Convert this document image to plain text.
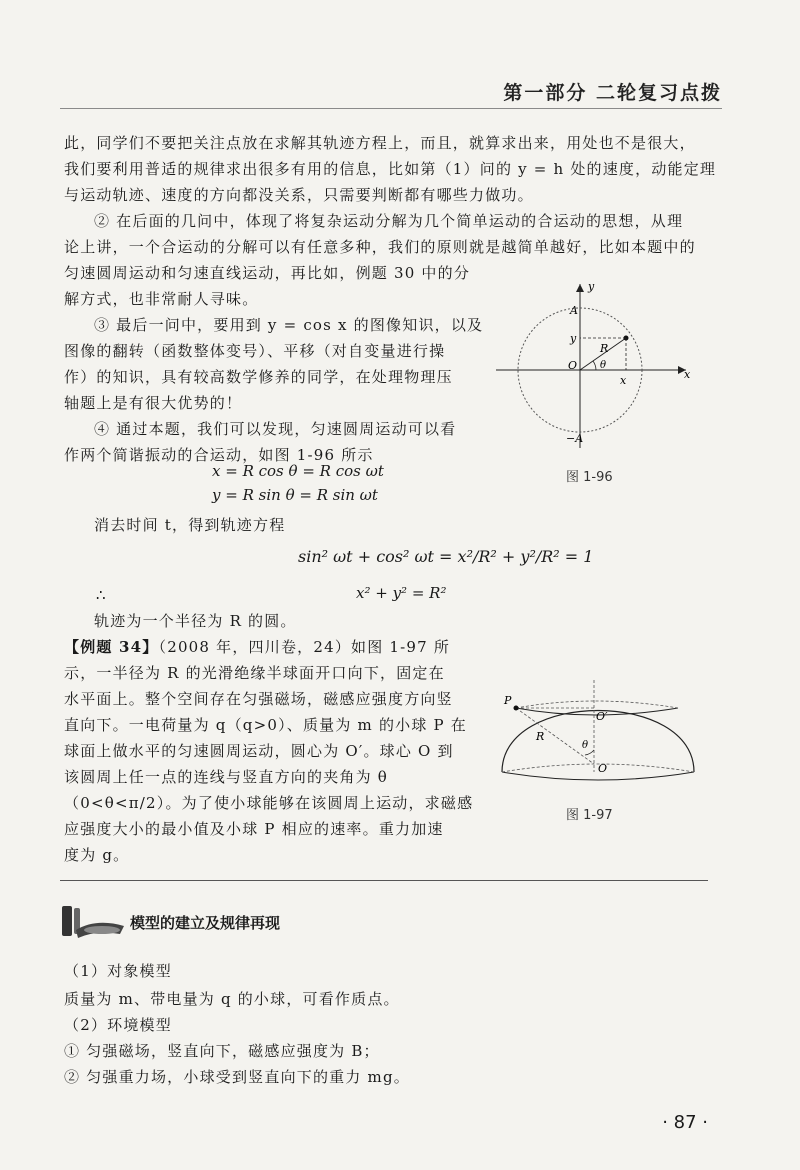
第一部分 二轮复习点拨
此，同学们不要把关注点放在求解其轨迹方程上，而且，就算求出来，用处也不是很大，
我们要利用普适的规律求出很多有用的信息，比如第（1）问的 y = h 处的速度，动能定理
与运动轨迹、速度的方向都没关系，只需要判断都有哪些力做功。
② 在后面的几问中，体现了将复杂运动分解为几个简单运动的合运动的思想，从理
论上讲，一个合运动的分解可以有任意多种，我们的原则就是越简单越好，比如本题中的
匀速圆周运动和匀速直线运动，再比如，例题 30 中的分
解方式，也非常耐人寻味。
③ 最后一问中，要用到 y = cos x 的图像知识，以及
图像的翻转（函数整体变号）、平移（对自变量进行操
作）的知识，具有较高数学修养的同学，在处理物理压
轴题上是有很大优势的！
④ 通过本题，我们可以发现，匀速圆周运动可以看
作两个简谐振动的合运动，如图 1-96 所示
x = R cos θ = R cos ωt
y = R sin θ = R sin ωt
消去时间 t，得到轨迹方程
sin² ωt + cos² ωt = x²/R² + y²/R² = 1
∴	x² + y² = R²
轨迹为一个半径为 R 的圆。
【例题 34】（2008 年，四川卷，24）如图 1-97 所
示，一半径为 R 的光滑绝缘半球面开口向下，固定在
水平面上。整个空间存在匀强磁场，磁感应强度方向竖
直向下。一电荷量为 q（q>0）、质量为 m 的小球 P 在
球面上做水平的匀速圆周运动，圆心为 O′。球心 O 到
该圆周上任一点的连线与竖直方向的夹角为 θ
（0<θ<π/2）。为了使小球能够在该圆周上运动，求磁感
应强度大小的最小值及小球 P 相应的速率。重力加速
度为 g。
y
x
A
−A
O
R
θ
y
x
图 1-96
P
O′
R
θ
O
图 1-97
模型的建立及规律再现
（1）对象模型
质量为 m、带电量为 q 的小球，可看作质点。
（2）环境模型
① 匀强磁场，竖直向下，磁感应强度为 B；
② 匀强重力场，小球受到竖直向下的重力 mg。
· 87 ·
